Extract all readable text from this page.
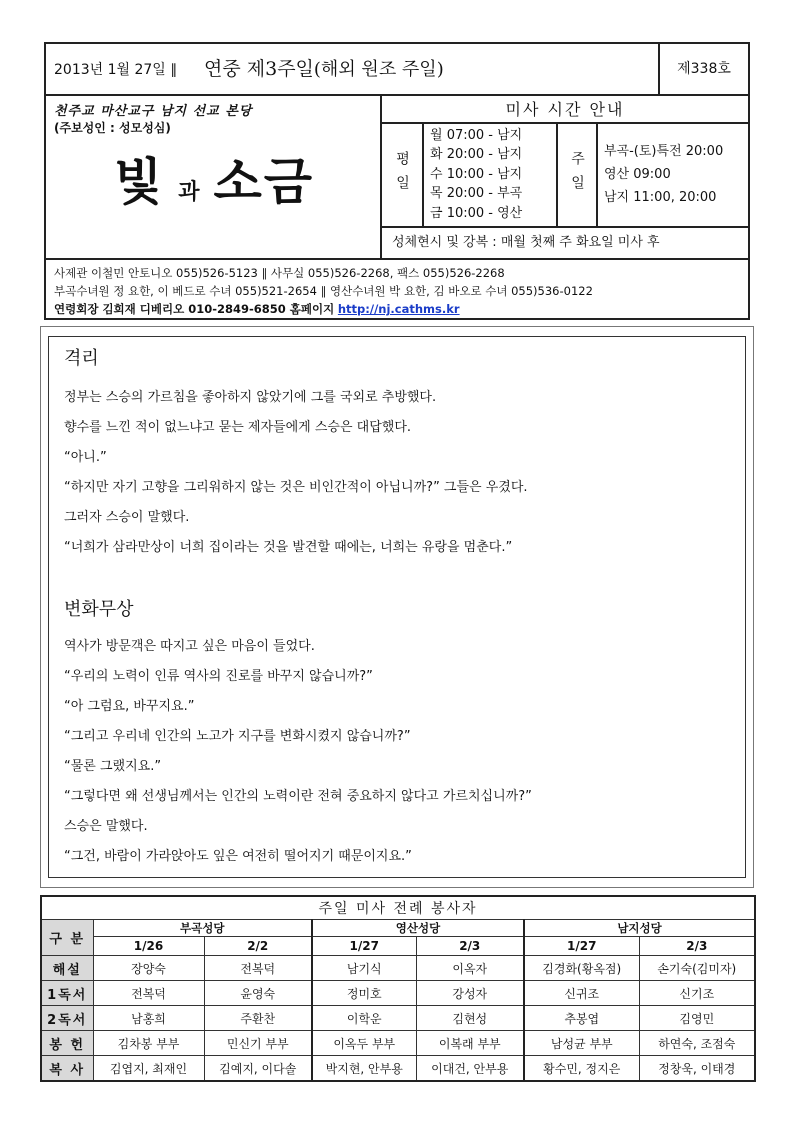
2013년 1월 27일 ∥ 연중 제3주일(해외 원조 주일)	제338호
천주교 마산교구 남지 선교 본당
(주보성인 : 성모성심)
빛과 소금
미사 시간 안내
평일
월 07:00 - 남지
화 20:00 - 남지
수 10:00 - 남지
목 20:00 - 부곡
금 10:00 - 영산
주일	부곡-(토)특전 20:00
영산 09:00
남지 11:00, 20:00
성체현시 및 강복 : 매월 첫째 주 화요일 미사 후
사제관 이철민 안토니오 055)526-5123 ∥ 사무실 055)526-2268, 팩스 055)526-2268
부곡수녀원 정 요한, 이 베드로 수녀 055)521-2654 ∥ 영산수녀원 박 요한, 김 바오로 수녀 055)536-0122
연령회장 김희재 디베리오 010-2849-6850 홈페이지 http://nj.cathms.kr
격리
정부는 스승의 가르침을 좋아하지 않았기에 그를 국외로 추방했다.
향수를 느낀 적이 없느냐고 묻는 제자들에게 스승은 대답했다.
“아니.”
“하지만 자기 고향을 그리워하지 않는 것은 비인간적이 아닙니까?” 그들은 우겼다.
그러자 스승이 말했다.
“너희가 삼라만상이 너희 집이라는 것을 발견할 때에는, 너희는 유랑을 멈춘다.”
변화무상
역사가 방문객은 따지고 싶은 마음이 들었다.
“우리의 노력이 인류 역사의 진로를 바꾸지 않습니까?”
“아 그럼요, 바꾸지요.”
“그리고 우리네 인간의 노고가 지구를 변화시켰지 않습니까?”
“물론 그랬지요.”
“그렇다면 왜 선생님께서는 인간의 노력이란 전혀 중요하지 않다고 가르치십니까?”
스승은 말했다.
“그건, 바람이 가라앉아도 잎은 여전히 떨어지기 때문이지요.”
주일 미사 전례 봉사자						
구 분	부곡성당		영산성당		남지성당	
	1/26	2/2	1/27	2/3	1/27	2/3
해설	장양숙	전복덕	남기식	이옥자	김경화(황옥점)	손기숙(김미자)
1독서	전복덕	윤영숙	정미호	강성자	신귀조	신기조
2독서	남홍희	주환찬	이학운	김현성	추봉엽	김영민
봉 헌	김차봉 부부	민신기 부부	이옥두 부부	이복래 부부	남성균 부부	하연숙, 조점숙
복 사	김엽지, 최재인	김예지, 이다솔	박지현, 안부용	이대건, 안부용	황수민, 정지은	정창욱, 이태경
